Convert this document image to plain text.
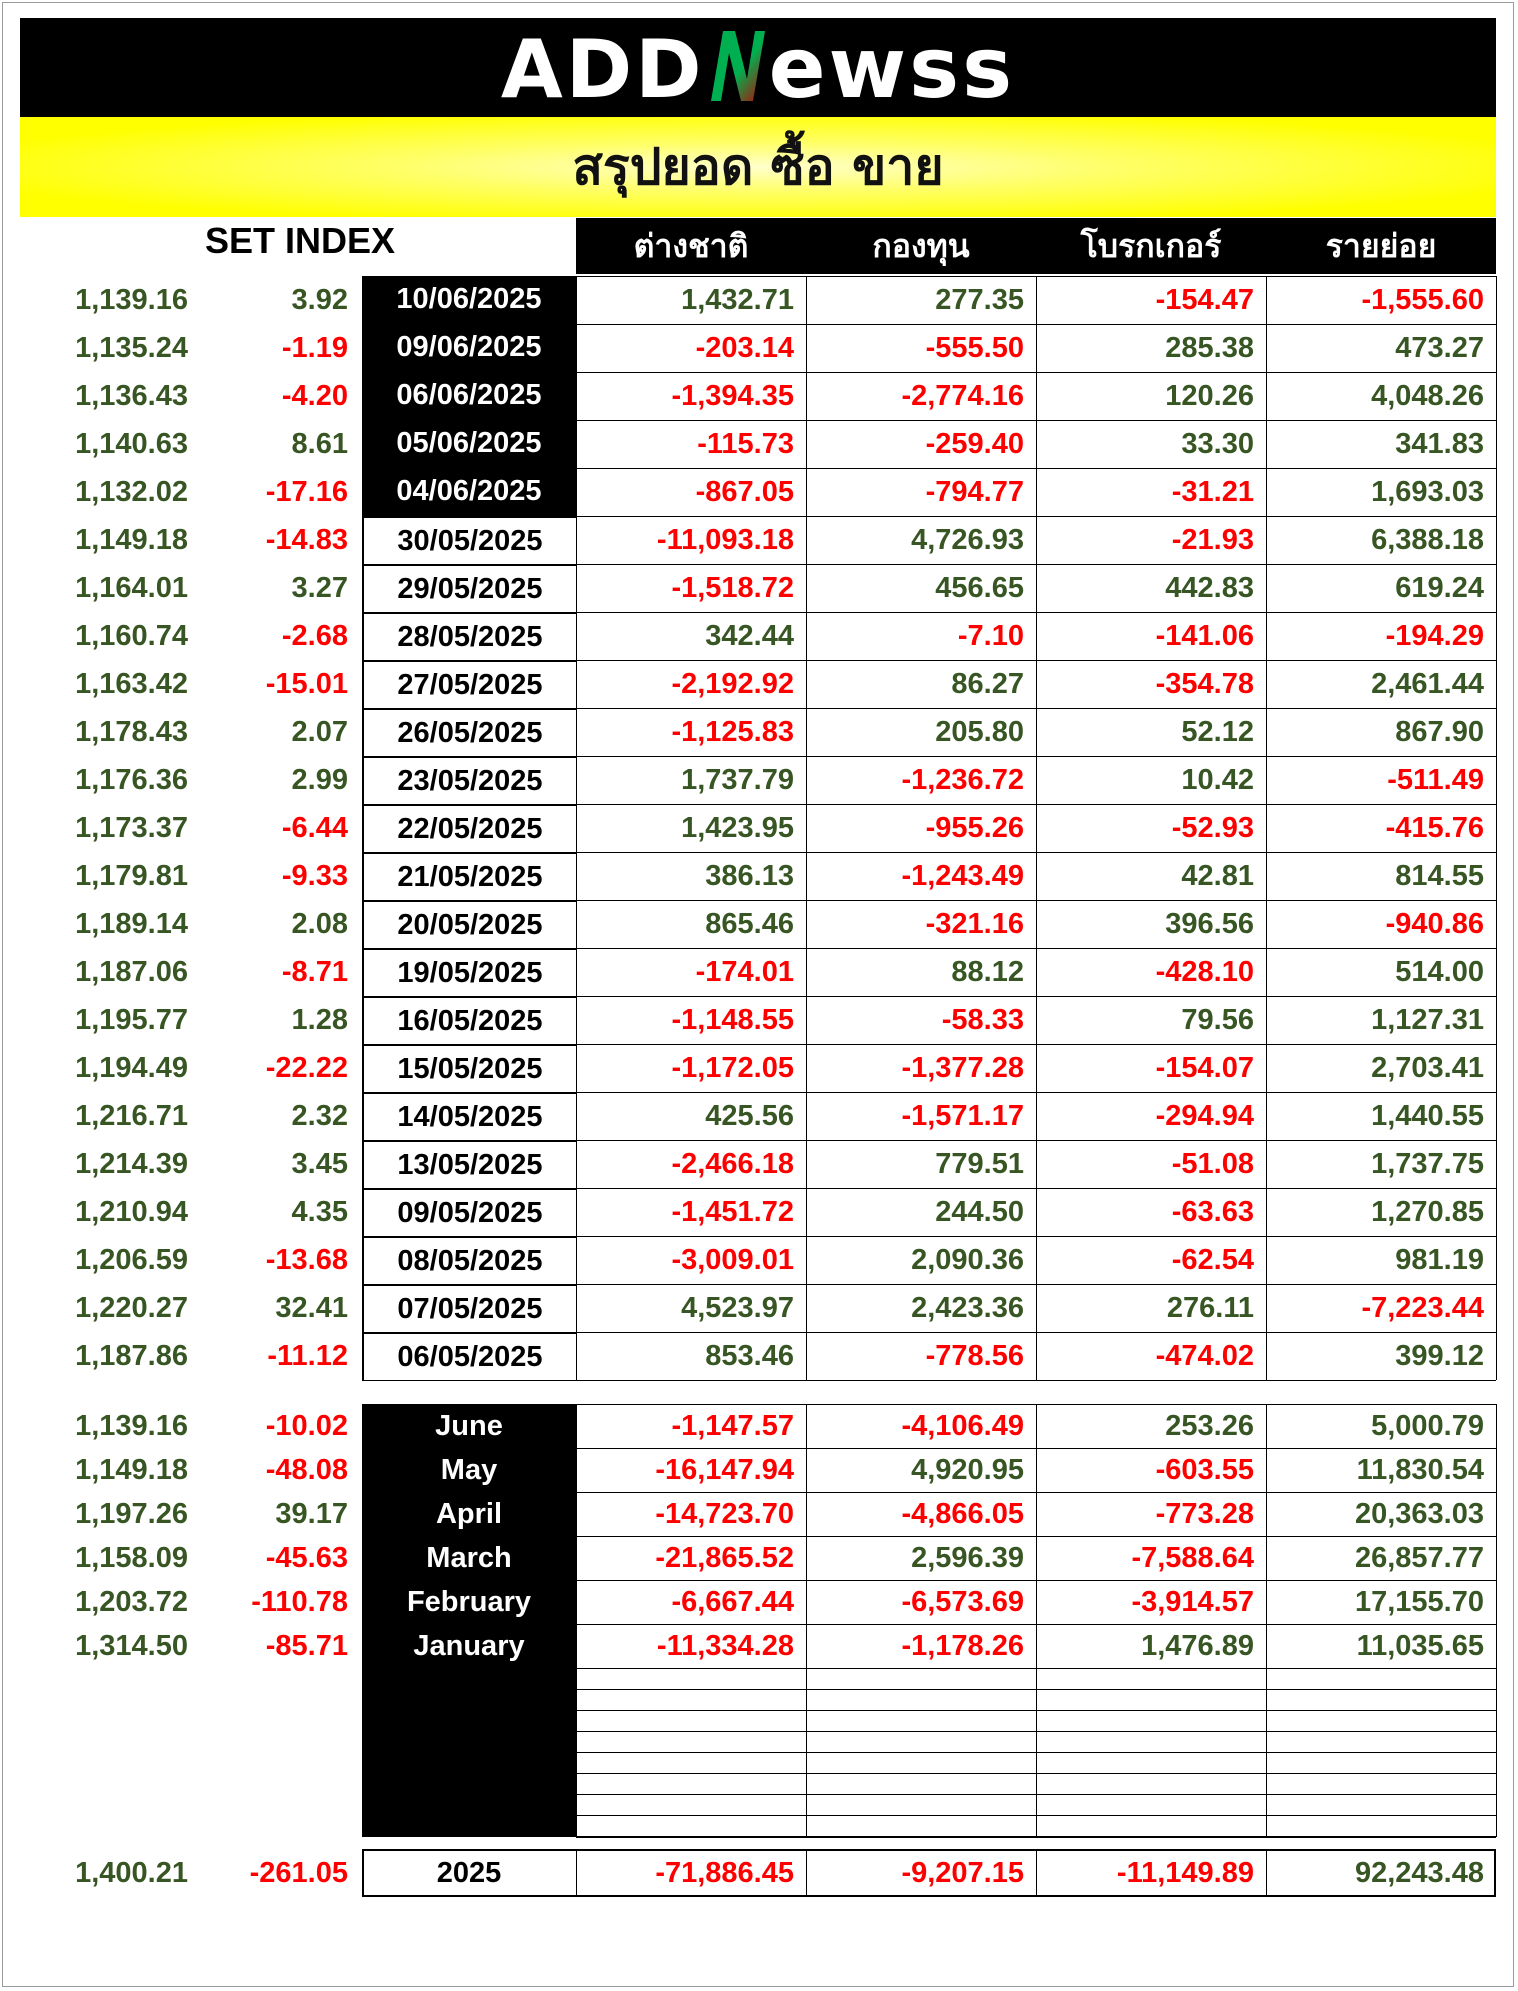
ADD ewss
สรุปยอด ซื้อ ขาย
SET INDEX	ต่างชาติ	กองทุน	โบรกเกอร์	รายย่อย
1,139.16	3.92	10/06/2025	1,432.71	277.35	-154.47	-1,555.60
1,135.24	-1.19	09/06/2025	-203.14	-555.50	285.38	473.27
1,136.43	-4.20	06/06/2025	-1,394.35	-2,774.16	120.26	4,048.26
1,140.63	8.61	05/06/2025	-115.73	-259.40	33.30	341.83
1,132.02	-17.16	04/06/2025	-867.05	-794.77	-31.21	1,693.03
1,149.18	-14.83	30/05/2025	-11,093.18	4,726.93	-21.93	6,388.18
1,164.01	3.27	29/05/2025	-1,518.72	456.65	442.83	619.24
1,160.74	-2.68	28/05/2025	342.44	-7.10	-141.06	-194.29
1,163.42	-15.01	27/05/2025	-2,192.92	86.27	-354.78	2,461.44
1,178.43	2.07	26/05/2025	-1,125.83	205.80	52.12	867.90
1,176.36	2.99	23/05/2025	1,737.79	-1,236.72	10.42	-511.49
1,173.37	-6.44	22/05/2025	1,423.95	-955.26	-52.93	-415.76
1,179.81	-9.33	21/05/2025	386.13	-1,243.49	42.81	814.55
1,189.14	2.08	20/05/2025	865.46	-321.16	396.56	-940.86
1,187.06	-8.71	19/05/2025	-174.01	88.12	-428.10	514.00
1,195.77	1.28	16/05/2025	-1,148.55	-58.33	79.56	1,127.31
1,194.49	-22.22	15/05/2025	-1,172.05	-1,377.28	-154.07	2,703.41
1,216.71	2.32	14/05/2025	425.56	-1,571.17	-294.94	1,440.55
1,214.39	3.45	13/05/2025	-2,466.18	779.51	-51.08	1,737.75
1,210.94	4.35	09/05/2025	-1,451.72	244.50	-63.63	1,270.85
1,206.59	-13.68	08/05/2025	-3,009.01	2,090.36	-62.54	981.19
1,220.27	32.41	07/05/2025	4,523.97	2,423.36	276.11	-7,223.44
1,187.86	-11.12	06/05/2025	853.46	-778.56	-474.02	399.12
1,139.16	-10.02	June	-1,147.57	-4,106.49	253.26	5,000.79
1,149.18	-48.08	May	-16,147.94	4,920.95	-603.55	11,830.54
1,197.26	39.17	April	-14,723.70	-4,866.05	-773.28	20,363.03
1,158.09	-45.63	March	-21,865.52	2,596.39	-7,588.64	26,857.77
1,203.72	-110.78	February	-6,667.44	-6,573.69	-3,914.57	17,155.70
1,314.50	-85.71	January	-11,334.28	-1,178.26	1,476.89	11,035.65
1,400.21	-261.05	2025	-71,886.45	-9,207.15	-11,149.89	92,243.48
